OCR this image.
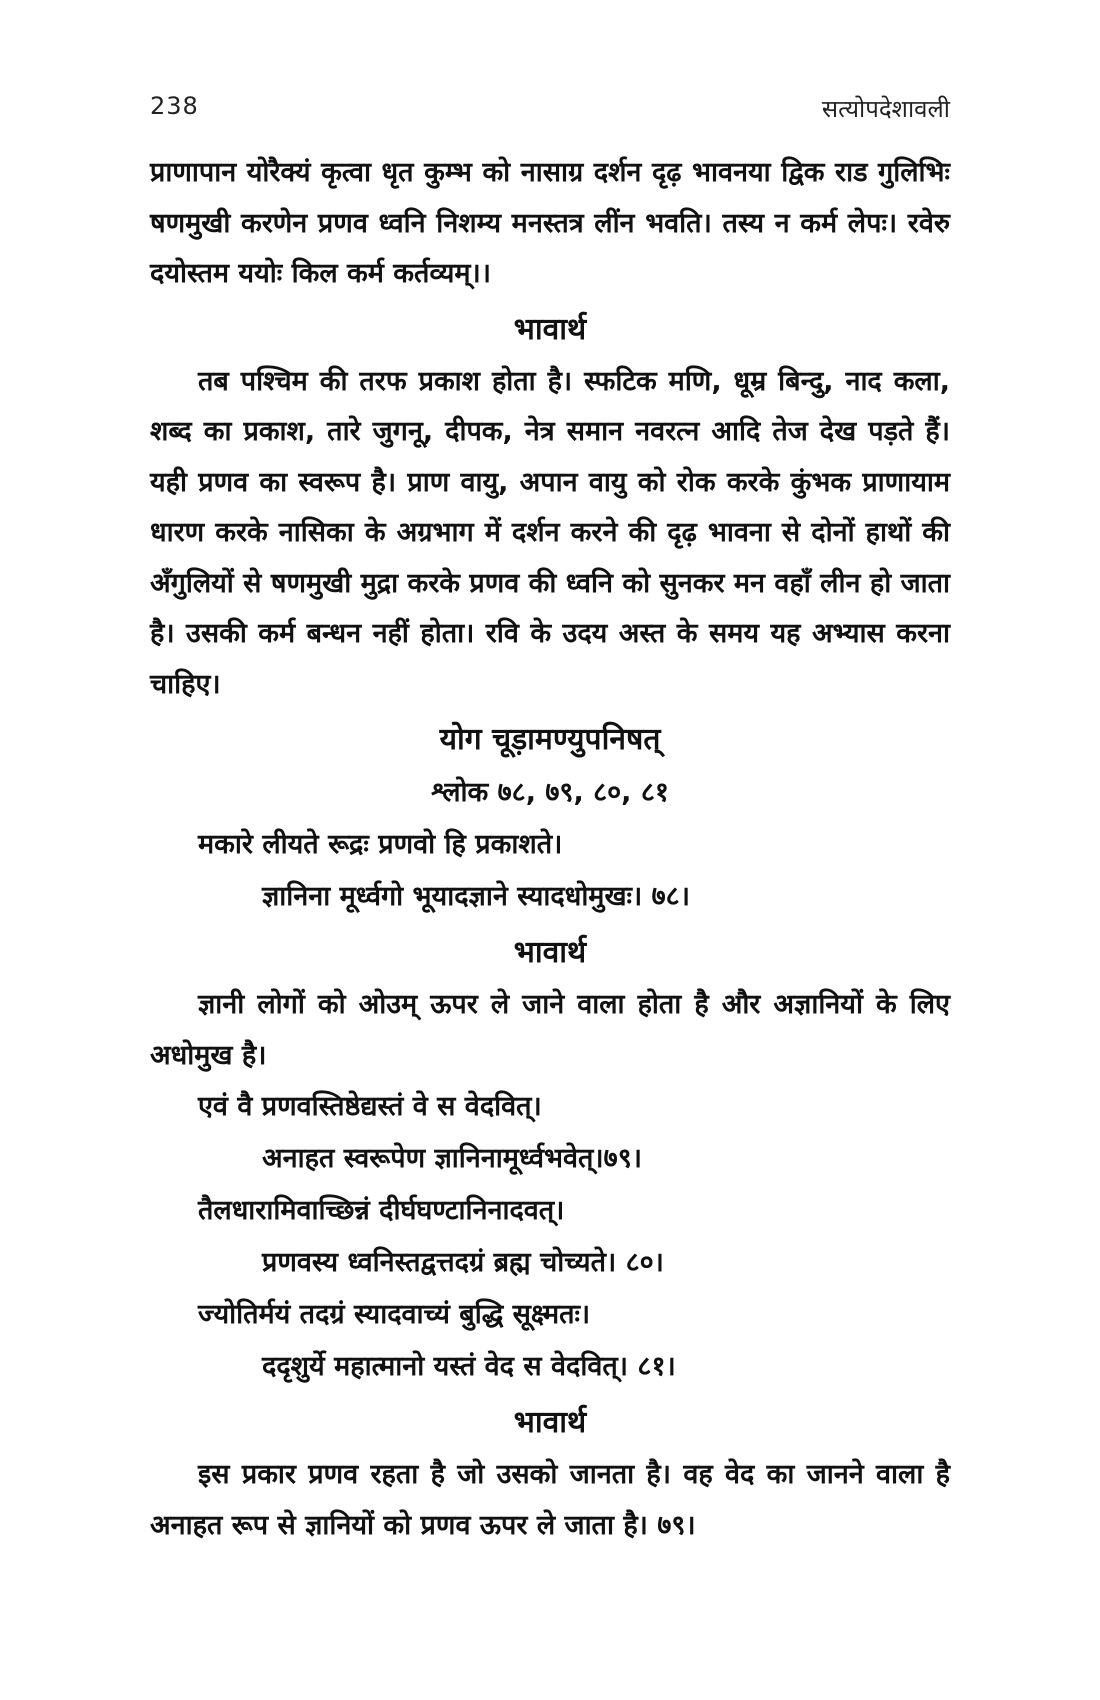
238	सत्योपदेशावली

प्राणापान योरैक्यं कृत्वा धृत कुम्भ को नासाग्र दर्शन दृढ़ भावनया द्विक राड गुलिभिः षणमुखी करणेन प्रणव ध्वनि निशम्य मनस्तत्र लींन भवति। तस्य न कर्म लेपः। रवेरु दयोस्तम ययोः किल कर्म कर्तव्यम्।।

भावार्थ

तब पश्चिम की तरफ प्रकाश होता है। स्फटिक मणि, धूम्र बिन्दु, नाद कला, शब्द का प्रकाश, तारे जुगनू, दीपक, नेत्र समान नवरत्न आदि तेज देख पड़ते हैं। यही प्रणव का स्वरूप है। प्राण वायु, अपान वायु को रोक करके कुंभक प्राणायाम धारण करके नासिका के अग्रभाग में दर्शन करने की दृढ़ भावना से दोनों हाथों की अँगुलियों से षणमुखी मुद्रा करके प्रणव की ध्वनि को सुनकर मन वहाँ लीन हो जाता है। उसकी कर्म बन्धन नहीं होता। रवि के उदय अस्त के समय यह अभ्यास करना चाहिए।

योग चूड़ामण्युपनिषत्
श्लोक ७८, ७९, ८०, ८१
मकारे लीयते रूद्रः प्रणवो हि प्रकाशते।
ज्ञानिना मूर्ध्वगो भूयादज्ञाने स्यादधोमुखः। ७८।
भावार्थ

ज्ञानी लोगों को ओउम् ऊपर ले जाने वाला होता है और अज्ञानियों के लिए अधोमुख है।

एवं वै प्रणवस्तिष्ठेद्यस्तं वे स वेदवित्।
अनाहत स्वरूपेण ज्ञानिनामूर्ध्वभवेत्।७९।
तैलधारामिवाच्छिन्नं दीर्घघण्टानिनादवत्।
प्रणवस्य ध्वनिस्तद्वत्तदग्रं ब्रह्म चोच्यते। ८०।
ज्योतिर्मयं तदग्रं स्यादवाच्यं बुद्धि सूक्ष्मतः।
ददृशुर्ये महात्मानो यस्तं वेद स वेदवित्। ८१।
भावार्थ

इस प्रकार प्रणव रहता है जो उसको जानता है। वह वेद का जानने वाला है अनाहत रूप से ज्ञानियों को प्रणव ऊपर ले जाता है। ७९।
